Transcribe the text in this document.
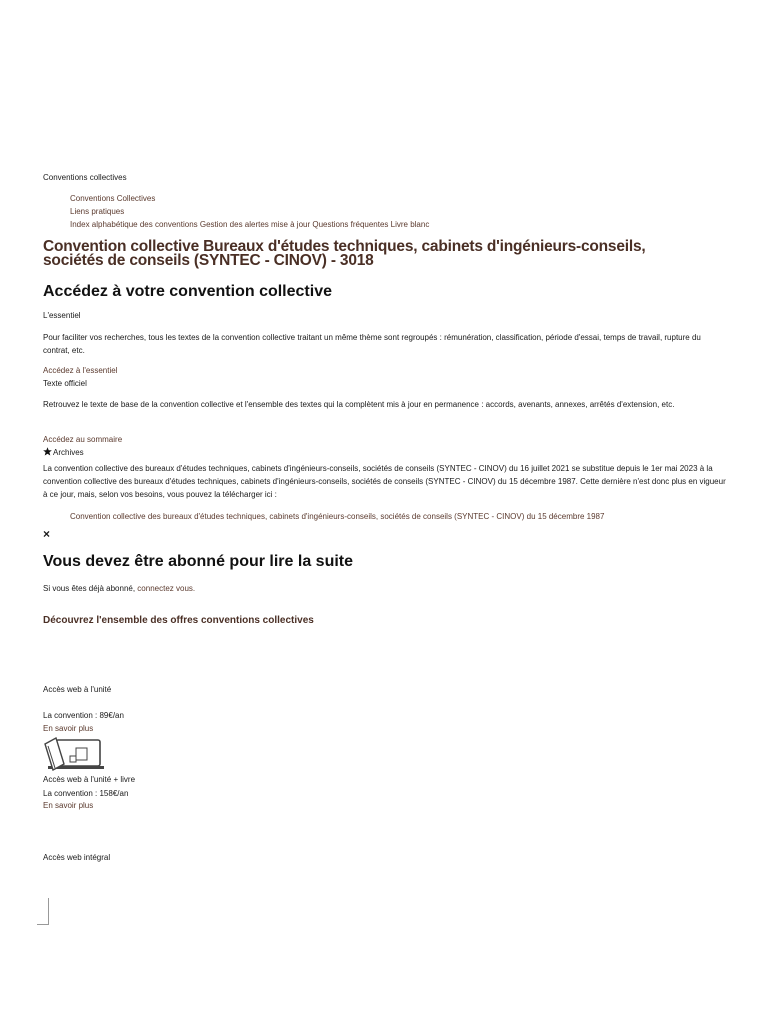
Conventions collectives
Conventions Collectives
Liens pratiques
Index alphabétique des conventions Gestion des alertes mise à jour Questions fréquentes Livre blanc
Convention collective Bureaux d'études techniques, cabinets d'ingénieurs-conseils, sociétés de conseils (SYNTEC - CINOV) - 3018
Accédez à votre convention collective
L'essentiel
Pour faciliter vos recherches, tous les textes de la convention collective traitant un même thème sont regroupés : rémunération, classification, période d'essai, temps de travail, rupture du contrat, etc.
Accédez à l'essentiel
Texte officiel
Retrouvez le texte de base de la convention collective et l'ensemble des textes qui la complètent mis à jour en permanence : accords, avenants, annexes, arrêtés d'extension, etc.
Accédez au sommaire
Archives
La convention collective des bureaux d'études techniques, cabinets d'ingénieurs-conseils, sociétés de conseils (SYNTEC - CINOV) du 16 juillet 2021 se substitue depuis le 1er mai 2023 à la convention collective des bureaux d'études techniques, cabinets d'ingénieurs-conseils, sociétés de conseils (SYNTEC - CINOV) du 15 décembre 1987. Cette dernière n'est donc plus en vigueur à ce jour, mais, selon vos besoins, vous pouvez la télécharger ici :
Convention collective des bureaux d'études techniques, cabinets d'ingénieurs-conseils, sociétés de conseils (SYNTEC - CINOV) du 15 décembre 1987
×
Vous devez être abonné pour lire la suite
Si vous êtes déjà abonné, connectez vous.
Découvrez l'ensemble des offres conventions collectives
Accès web à l'unité
La convention : 89€/an
En savoir plus
Accès web à l'unité + livre
La convention : 158€/an
En savoir plus
Accès web intégral
